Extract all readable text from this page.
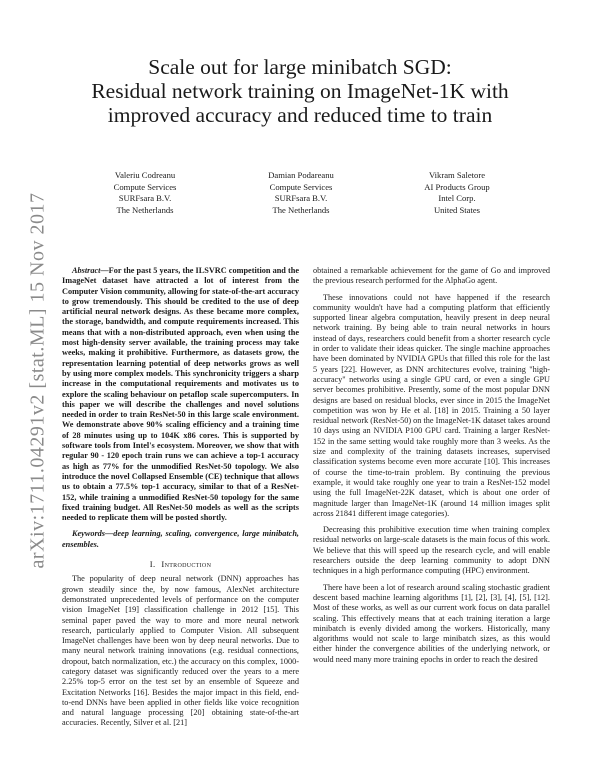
arXiv:1711.04291v2 [stat.ML] 15 Nov 2017
Scale out for large minibatch SGD:
Residual network training on ImageNet-1K with
improved accuracy and reduced time to train
Valeriu Codreanu
Compute Services
SURFsara B.V.
The Netherlands
Damian Podareanu
Compute Services
SURFsara B.V.
The Netherlands
Vikram Saletore
AI Products Group
Intel Corp.
United States

Abstract—For the past 5 years, the ILSVRC competition and the ImageNet dataset have attracted a lot of interest from the Computer Vision community, allowing for state-of-the-art accuracy to grow tremendously. This should be credited to the use of deep artificial neural network designs. As these became more complex, the storage, bandwidth, and compute requirements increased. This means that with a non-distributed approach, even when using the most high-density server available, the training process may take weeks, making it prohibitive. Furthermore, as datasets grow, the representation learning potential of deep networks grows as well by using more complex models. This synchronicity triggers a sharp increase in the computational requirements and motivates us to explore the scaling behaviour on petaflop scale supercomputers. In this paper we will describe the challenges and novel solutions needed in order to train ResNet-50 in this large scale environment. We demonstrate above 90% scaling efficiency and a training time of 28 minutes using up to 104K x86 cores. This is supported by software tools from Intel's ecosystem. Moreover, we show that with regular 90 - 120 epoch train runs we can achieve a top-1 accuracy as high as 77% for the unmodified ResNet-50 topology. We also introduce the novel Collapsed Ensemble (CE) technique that allows us to obtain a 77.5% top-1 accuracy, similar to that of a ResNet-152, while training a unmodified ResNet-50 topology for the same fixed training budget. All ResNet-50 models as well as the scripts needed to replicate them will be posted shortly.

Keywords—deep learning, scaling, convergence, large minibatch, ensembles.

I. Introduction

The popularity of deep neural network (DNN) approaches has grown steadily since the, by now famous, AlexNet architecture demonstrated unprecedented levels of performance on the computer vision ImageNet [19] classification challenge in 2012 [15]. This seminal paper paved the way to more and more neural network research, particularly applied to Computer Vision. All subsequent ImageNet challenges have been won by deep neural networks. Due to many neural network training innovations (e.g. residual connections, dropout, batch normalization, etc.) the accuracy on this complex, 1000-category dataset was significantly reduced over the years to a mere 2.25% top-5 error on the test set by an ensemble of Squeeze and Excitation Networks [16]. Besides the major impact in this field, end-to-end DNNs have been applied in other fields like voice recognition and natural language processing [20] obtaining state-of-the-art accuracies. Recently, Silver et al. [21]

obtained a remarkable achievement for the game of Go and improved the previous research performed for the AlphaGo agent.

These innovations could not have happened if the research community wouldn't have had a computing platform that efficiently supported linear algebra computation, heavily present in deep neural network training. By being able to train neural networks in hours instead of days, researchers could benefit from a shorter research cycle in order to validate their ideas quicker. The single machine approaches have been dominated by NVIDIA GPUs that filled this role for the last 5 years [22]. However, as DNN architectures evolve, training "high-accuracy" networks using a single GPU card, or even a single GPU server becomes prohibitive. Presently, some of the most popular DNN designs are based on residual blocks, ever since in 2015 the ImageNet competition was won by He et al. [18] in 2015. Training a 50 layer residual network (ResNet-50) on the ImageNet-1K dataset takes around 10 days using an NVIDIA P100 GPU card. Training a larger ResNet-152 in the same setting would take roughly more than 3 weeks. As the size and complexity of the training datasets increases, supervised classification systems become even more accurate [10]. This increases of course the time-to-train problem. By continuing the previous example, it would take roughly one year to train a ResNet-152 model using the full ImageNet-22K dataset, which is about one order of magnitude larger than ImageNet-1K (around 14 million images split across 21841 different image categories).

Decreasing this prohibitive execution time when training complex residual networks on large-scale datasets is the main focus of this work. We believe that this will speed up the research cycle, and will enable researchers outside the deep learning community to adopt DNN techniques in a high performance computing (HPC) environment.

There have been a lot of research around scaling stochastic gradient descent based machine learning algorithms [1], [2], [3], [4], [5], [12]. Most of these works, as well as our current work focus on data parallel scaling. This effectively means that at each training iteration a large minibatch is evenly divided among the workers. Historically, many algorithms would not scale to large minibatch sizes, as this would either hinder the convergence abilities of the underlying network, or would need many more training epochs in order to reach the desired
